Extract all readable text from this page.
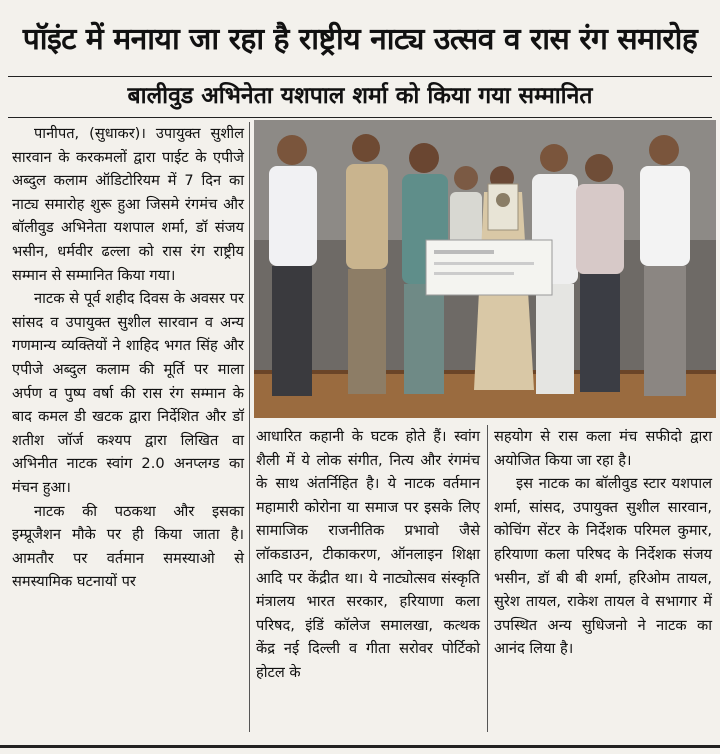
पॉइंट में मनाया जा रहा है राष्ट्रीय नाट्य उत्सव व रास रंग समारोह
बालीवुड अभिनेता यशपाल शर्मा को किया गया सम्मानित

पानीपत, (सुधाकर)। उपायुक्त सुशील सारवान के करकमलों द्वारा पाईट के एपीजे अब्दुल कलाम ऑडिटोरियम में 7 दिन का नाट्य समारोह शुरू हुआ जिसमे रंगमंच और बॉलीवुड अभिनेता यशपाल शर्मा, डॉ संजय भसीन, धर्मवीर ढल्ला को रास रंग राष्ट्रीय सम्मान से सम्मानित किया गया।

नाटक से पूर्व शहीद दिवस के अवसर पर सांसद व उपायुक्त सुशील सारवान व अन्य गणमान्य व्यक्तियों ने शाहिद भगत सिंह और एपीजे अब्दुल कलाम की मूर्ति पर माला अर्पण व पुष्प वर्षा की रास रंग सम्मान के बाद कमल डी खटक द्वारा निर्देशित और डॉ शतीश जॉर्ज कश्यप द्वारा लिखित वा अभिनीत नाटक स्वांग 2.0 अनप्लग्ड का मंचन हुआ।

नाटक की पठकथा और इसका इम्प्रूजैशन मौके पर ही किया जाता है। आमतौर पर वर्तमान समस्याओ से समस्यामिक घटनायों पर

आधारित कहानी के घटक होते हैं। स्वांग शैली में ये लोक संगीत, नित्य और रंगमंच के साथ अंतर्निहित है। ये नाटक वर्तमान महामारी कोरोना या समाज पर इसके लिए सामाजिक राजनीतिक प्रभावो जैसे लॉकडाउन, टीकाकरण, ऑनलाइन शिक्षा आदि पर केंद्रीत था। ये नाट्योत्सव संस्कृति मंत्रालय भारत सरकार, हरियाणा कला परिषद, इंडिं कॉलेज समालखा, कत्थक केंद्र नई दिल्ली व गीता सरोवर पोर्टिको होटल के

सहयोग से रास कला मंच सफीदो द्वारा अयोजित किया जा रहा है।

इस नाटक का बॉलीवुड स्टार यशपाल शर्मा, सांसद, उपायुक्त सुशील सारवान, कोचिंग सेंटर के निर्देशक परिमल कुमार, हरियाणा कला परिषद के निर्देशक संजय भसीन, डॉ बी बी शर्मा, हरिओम तायल, सुरेश तायल, राकेश तायल वे सभागार में उपस्थित अन्य सुधिजनो ने नाटक का आनंद लिया है।
